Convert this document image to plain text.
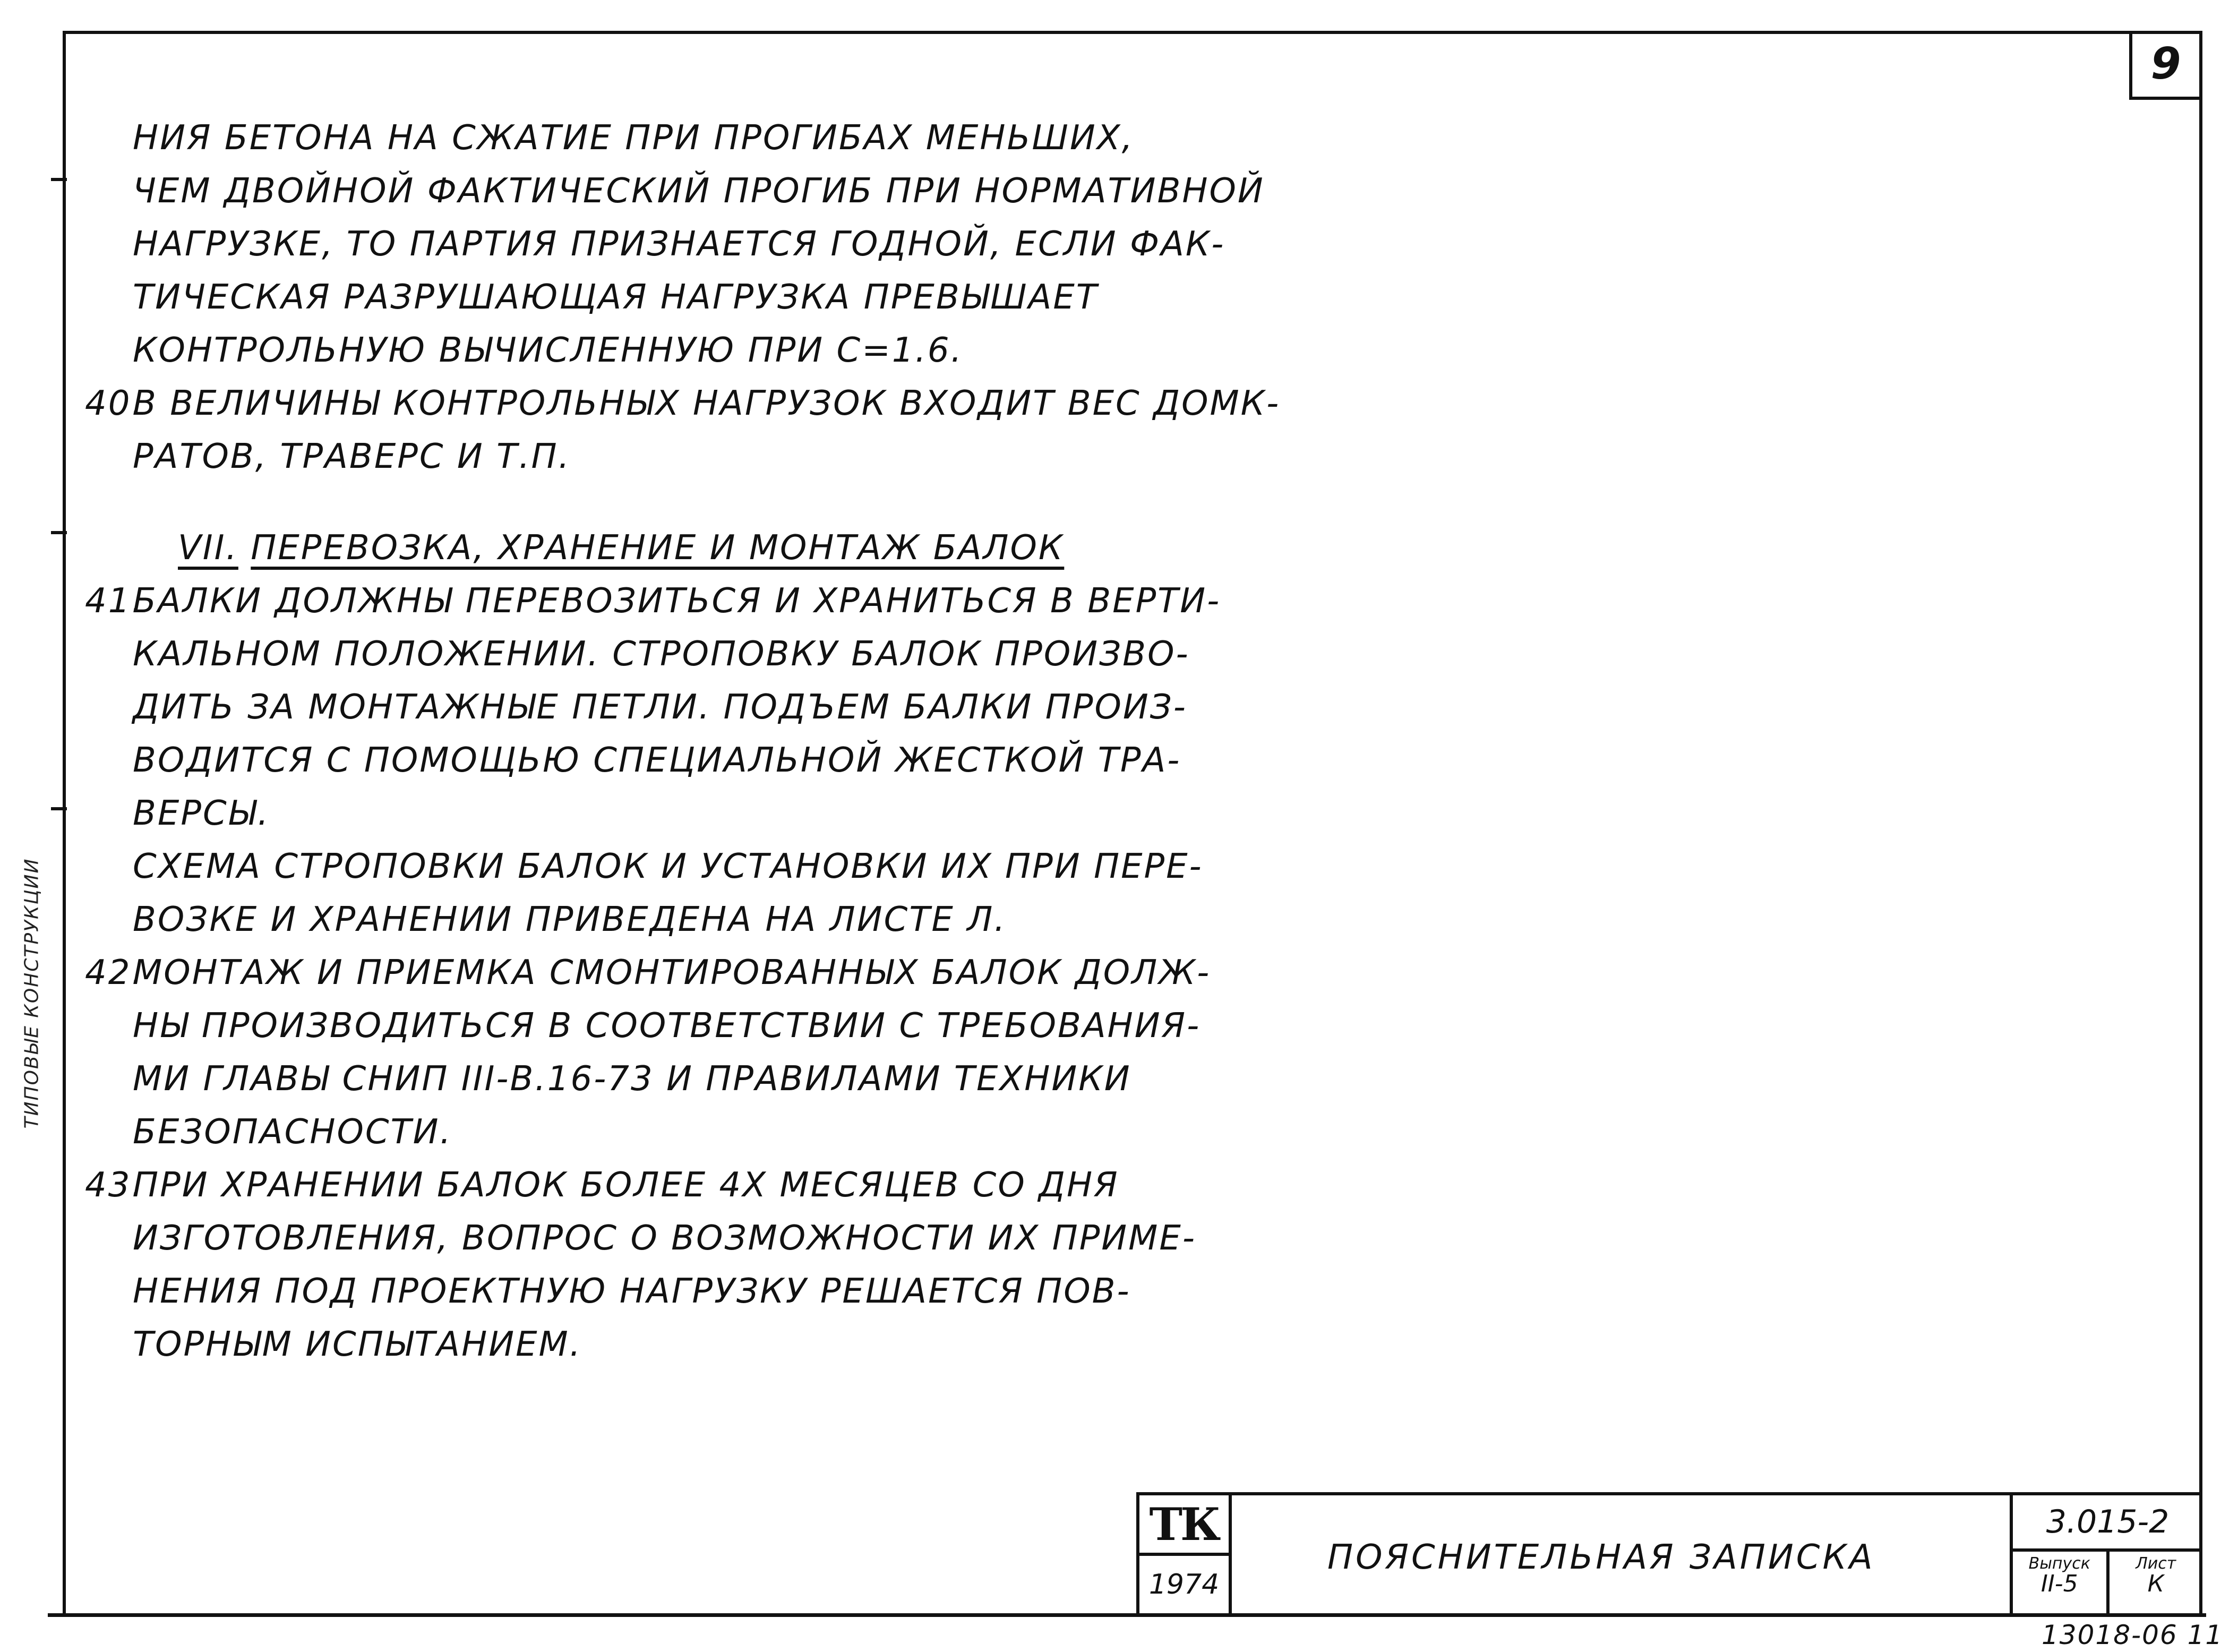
9
ТИПОВЫЕ КОНСТРУКЦИИ
НИЯ БЕТОНА НА СЖАТИЕ ПРИ ПРОГИБАХ МЕНЬШИХ,
ЧЕМ ДВОЙНОЙ ФАКТИЧЕСКИЙ ПРОГИБ ПРИ НОРМАТИВНОЙ
НАГРУЗКЕ, ТО ПАРТИЯ ПРИЗНАЕТСЯ ГОДНОЙ, ЕСЛИ ФАК-
ТИЧЕСКАЯ РАЗРУШАЮЩАЯ НАГРУЗКА ПРЕВЫШАЕТ
КОНТРОЛЬНУЮ ВЫЧИСЛЕННУЮ ПРИ С=1.6.
40.В ВЕЛИЧИНЫ КОНТРОЛЬНЫХ НАГРУЗОК ВХОДИТ ВЕС ДОМК-
РАТОВ, ТРАВЕРС И Т.П.
VII. ПЕРЕВОЗКА, ХРАНЕНИЕ И МОНТАЖ БАЛОК
41.БАЛКИ ДОЛЖНЫ ПЕРЕВОЗИТЬСЯ И ХРАНИТЬСЯ В ВЕРТИ-
КАЛЬНОМ ПОЛОЖЕНИИ. СТРОПОВКУ БАЛОК ПРОИЗВО-
ДИТЬ ЗА МОНТАЖНЫЕ ПЕТЛИ. ПОДЪЕМ БАЛКИ ПРОИЗ-
ВОДИТСЯ С ПОМОЩЬЮ СПЕЦИАЛЬНОЙ ЖЕСТКОЙ ТРА-
ВЕРСЫ.
СХЕМА СТРОПОВКИ БАЛОК И УСТАНОВКИ ИХ ПРИ ПЕРЕ-
ВОЗКЕ И ХРАНЕНИИ ПРИВЕДЕНА НА ЛИСТЕ Л.
42.МОНТАЖ И ПРИЕМКА СМОНТИРОВАННЫХ БАЛОК ДОЛЖ-
НЫ ПРОИЗВОДИТЬСЯ В СООТВЕТСТВИИ С ТРЕБОВАНИЯ-
МИ ГЛАВЫ СНИП III-В.16-73 И ПРАВИЛАМИ ТЕХНИКИ
БЕЗОПАСНОСТИ.
43.ПРИ ХРАНЕНИИ БАЛОК БОЛЕЕ 4Х МЕСЯЦЕВ СО ДНЯ
ИЗГОТОВЛЕНИЯ, ВОПРОС О ВОЗМОЖНОСТИ ИХ ПРИМЕ-
НЕНИЯ ПОД ПРОЕКТНУЮ НАГРУЗКУ РЕШАЕТСЯ ПОВ-
ТОРНЫМ ИСПЫТАНИЕМ.
ТК
1974
ПОЯСНИТЕЛЬНАЯ ЗАПИСКА
3.015-2
Выпуск
II-5
Лист
К
13018-06 11
